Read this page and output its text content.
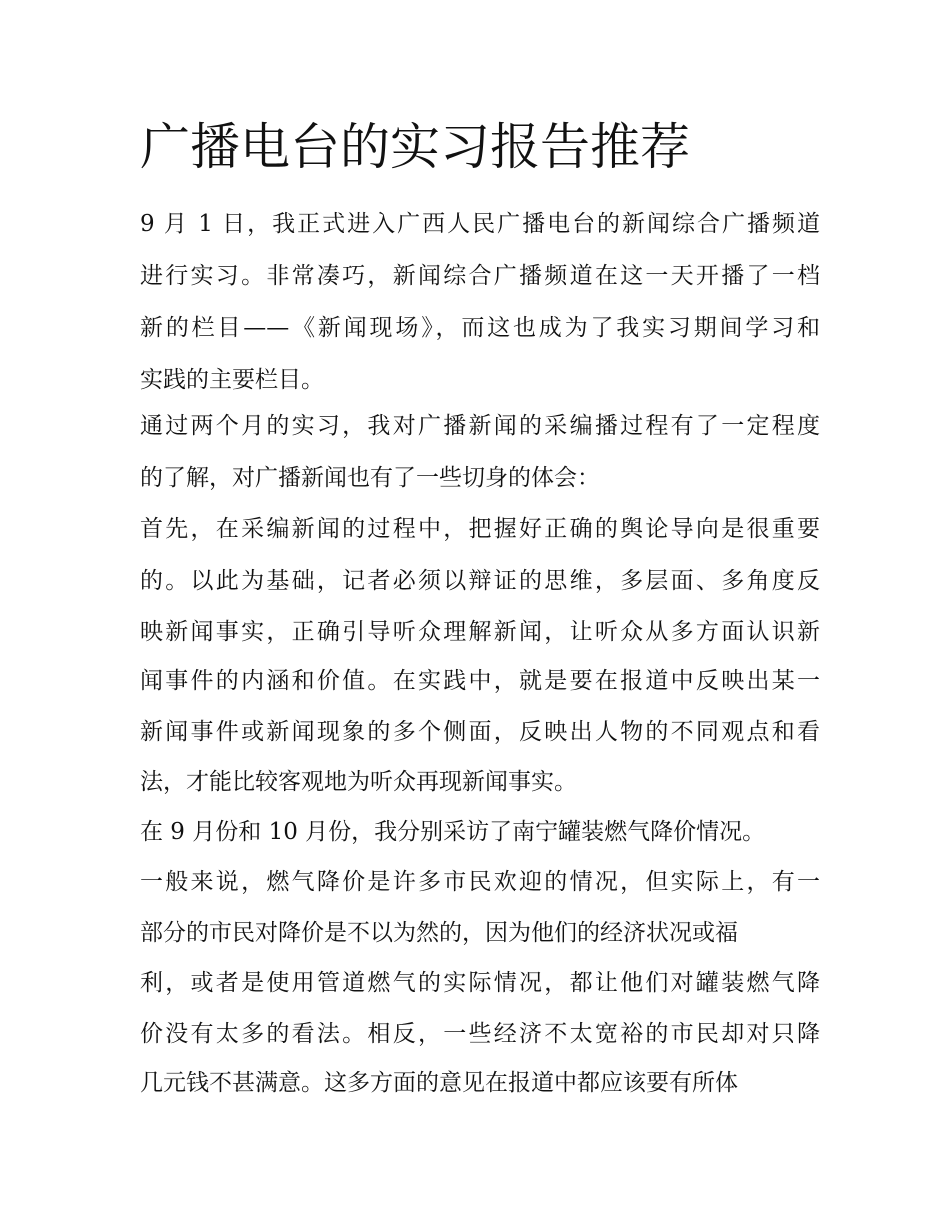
广播电台的实习报告推荐

9 月 1 日，我正式进入广西人民广播电台的新闻综合广播频道

进行实习。非常凑巧，新闻综合广播频道在这一天开播了一档

新的栏目——《新闻现场》，而这也成为了我实习期间学习和

实践的主要栏目。

通过两个月的实习，我对广播新闻的采编播过程有了一定程度

的了解，对广播新闻也有了一些切身的体会：

首先，在采编新闻的过程中，把握好正确的舆论导向是很重要

的。以此为基础，记者必须以辩证的思维，多层面、多角度反

映新闻事实，正确引导听众理解新闻，让听众从多方面认识新

闻事件的内涵和价值。在实践中，就是要在报道中反映出某一

新闻事件或新闻现象的多个侧面，反映出人物的不同观点和看

法，才能比较客观地为听众再现新闻事实。

在 9 月份和 10 月份，我分别采访了南宁罐装燃气降价情况。

一般来说，燃气降价是许多市民欢迎的情况，但实际上，有一

部分的市民对降价是不以为然的，因为他们的经济状况或福

利，或者是使用管道燃气的实际情况，都让他们对罐装燃气降

价没有太多的看法。相反，一些经济不太宽裕的市民却对只降

几元钱不甚满意。这多方面的意见在报道中都应该要有所体
